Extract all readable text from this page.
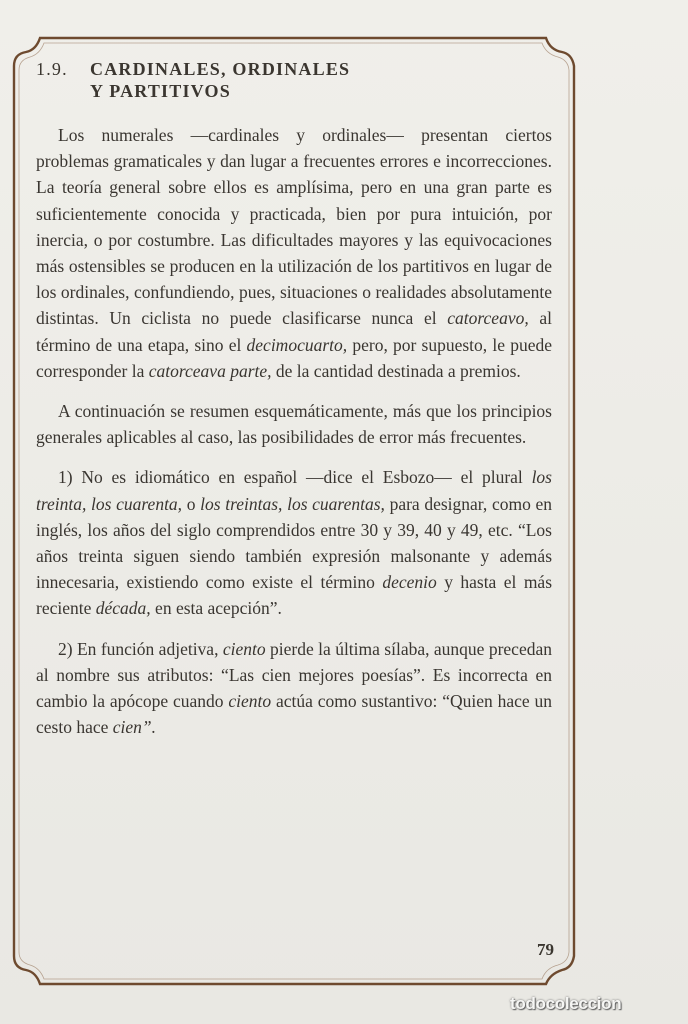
1.9.	CARDINALES, ORDINALES
Y PARTITIVOS

Los numerales —cardinales y ordinales— presentan ciertos problemas gramaticales y dan lugar a frecuentes errores e incorrecciones. La teoría general sobre ellos es amplísima, pero en una gran parte es suficientemente conocida y practicada, bien por pura intuición, por inercia, o por costumbre. Las dificultades mayores y las equivocaciones más ostensibles se producen en la utilización de los partitivos en lugar de los ordinales, confundiendo, pues, situaciones o realidades absolutamente distintas. Un ciclista no puede clasificarse nunca el catorceavo, al término de una etapa, sino el decimocuarto, pero, por supuesto, le puede corresponder la catorceava parte, de la cantidad destinada a premios.

A continuación se resumen esquemáticamente, más que los principios generales aplicables al caso, las posibilidades de error más frecuentes.

1) No es idiomático en español —dice el Esbozo— el plural los treinta, los cuarenta, o los treintas, los cuarentas, para designar, como en inglés, los años del siglo comprendidos entre 30 y 39, 40 y 49, etc. “Los años treinta siguen siendo también expresión malsonante y además innecesaria, existiendo como existe el término decenio y hasta el más reciente década, en esta acepción”.

2) En función adjetiva, ciento pierde la última sílaba, aunque precedan al nombre sus atributos: “Las cien mejores poesías”. Es incorrecta en cambio la apócope cuando ciento actúa como sustantivo: “Quien hace un cesto hace cien”.

79
todocoleccion
